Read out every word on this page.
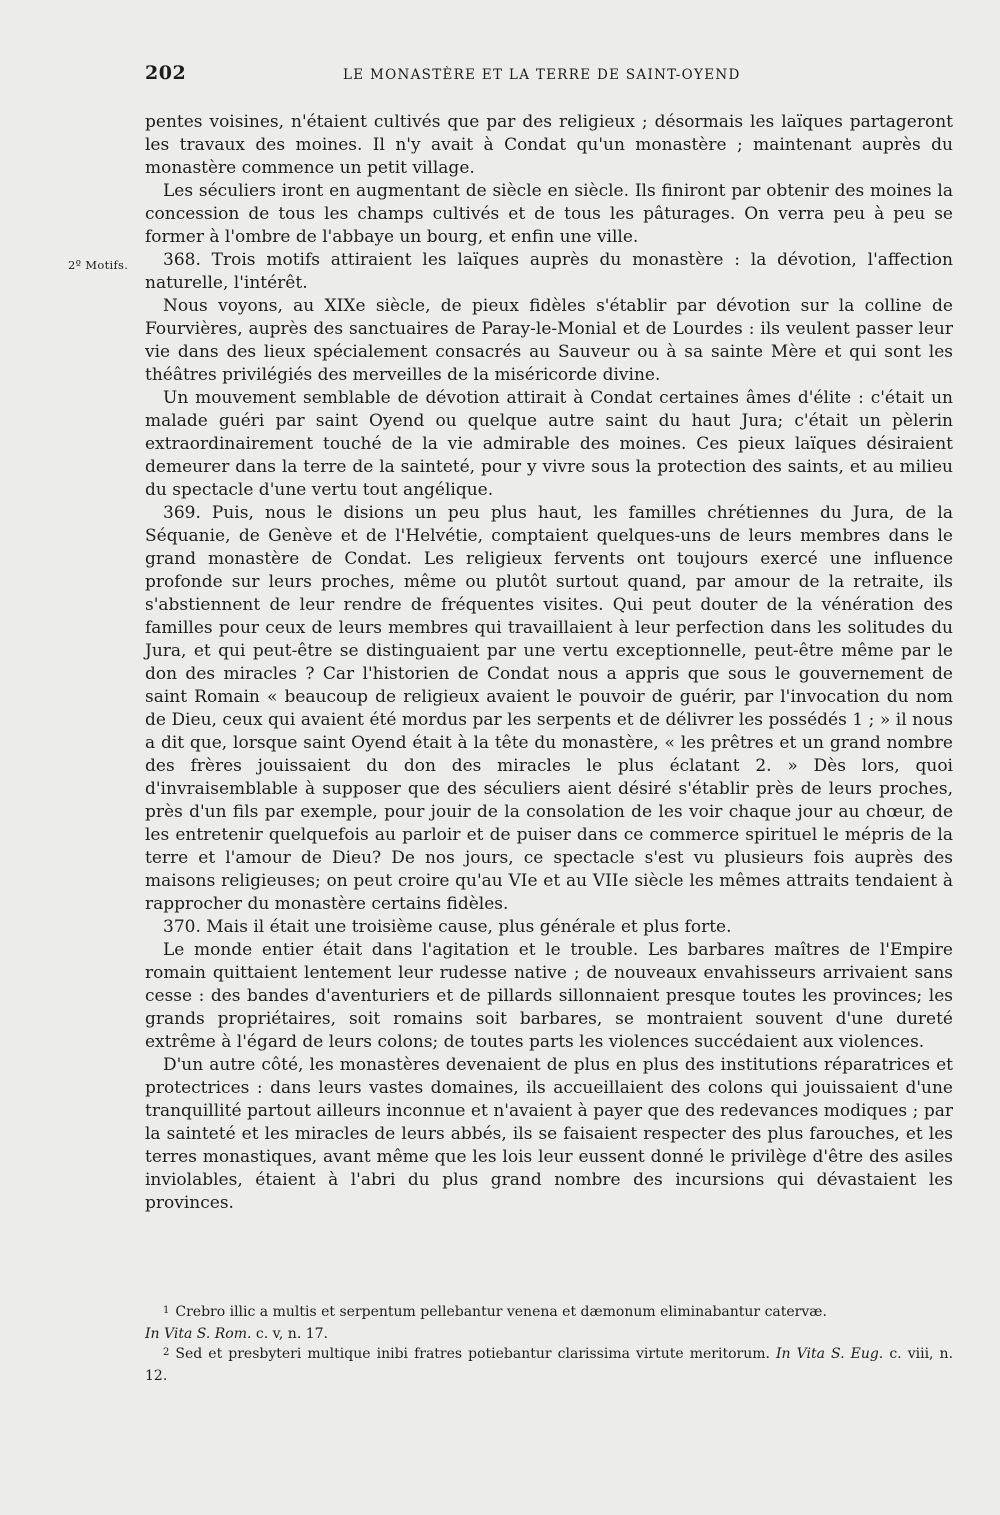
202	LE MONASTÈRE ET LA TERRE DE SAINT-OYEND
2º Motifs.

pentes voisines, n'étaient cultivés que par des religieux ; désormais les laïques partageront les travaux des moines. Il n'y avait à Condat qu'un monastère ; maintenant auprès du monastère commence un petit village.

Les séculiers iront en augmentant de siècle en siècle. Ils finiront par obtenir des moines la concession de tous les champs cultivés et de tous les pâturages. On verra peu à peu se former à l'ombre de l'abbaye un bourg, et enfin une ville.

368. Trois motifs attiraient les laïques auprès du monastère : la dévotion, l'affection naturelle, l'intérêt.

Nous voyons, au XIXe siècle, de pieux fidèles s'établir par dévotion sur la colline de Fourvières, auprès des sanctuaires de Paray-le-Monial et de Lourdes : ils veulent passer leur vie dans des lieux spécialement consacrés au Sauveur ou à sa sainte Mère et qui sont les théâtres privilégiés des merveilles de la miséricorde divine.

Un mouvement semblable de dévotion attirait à Condat certaines âmes d'élite : c'était un malade guéri par saint Oyend ou quelque autre saint du haut Jura; c'était un pèlerin extraordinairement touché de la vie admirable des moines. Ces pieux laïques désiraient demeurer dans la terre de la sainteté, pour y vivre sous la protection des saints, et au milieu du spectacle d'une vertu tout angélique.

369. Puis, nous le disions un peu plus haut, les familles chrétiennes du Jura, de la Séquanie, de Genève et de l'Helvétie, comptaient quelques-uns de leurs membres dans le grand monastère de Condat. Les religieux fervents ont toujours exercé une influence profonde sur leurs proches, même ou plutôt surtout quand, par amour de la retraite, ils s'abstiennent de leur rendre de fréquentes visites. Qui peut douter de la vénération des familles pour ceux de leurs membres qui travaillaient à leur perfection dans les solitudes du Jura, et qui peut-être se distinguaient par une vertu exceptionnelle, peut-être même par le don des miracles ? Car l'historien de Condat nous a appris que sous le gouvernement de saint Romain « beaucoup de religieux avaient le pouvoir de guérir, par l'invocation du nom de Dieu, ceux qui avaient été mordus par les serpents et de délivrer les possédés 1 ; » il nous a dit que, lorsque saint Oyend était à la tête du monastère, « les prêtres et un grand nombre des frères jouissaient du don des miracles le plus éclatant 2. » Dès lors, quoi d'invraisemblable à supposer que des séculiers aient désiré s'établir près de leurs proches, près d'un fils par exemple, pour jouir de la consolation de les voir chaque jour au chœur, de les entretenir quelquefois au parloir et de puiser dans ce commerce spirituel le mépris de la terre et l'amour de Dieu? De nos jours, ce spectacle s'est vu plusieurs fois auprès des maisons religieuses; on peut croire qu'au VIe et au VIIe siècle les mêmes attraits tendaient à rapprocher du monastère certains fidèles.

370. Mais il était une troisième cause, plus générale et plus forte.

Le monde entier était dans l'agitation et le trouble. Les barbares maîtres de l'Empire romain quittaient lentement leur rudesse native ; de nouveaux envahisseurs arrivaient sans cesse : des bandes d'aventuriers et de pillards sillonnaient presque toutes les provinces; les grands propriétaires, soit romains soit barbares, se montraient souvent d'une dureté extrême à l'égard de leurs colons; de toutes parts les violences succédaient aux violences.

D'un autre côté, les monastères devenaient de plus en plus des institutions réparatrices et protectrices : dans leurs vastes domaines, ils accueillaient des colons qui jouissaient d'une tranquillité partout ailleurs inconnue et n'avaient à payer que des redevances modiques ; par la sainteté et les miracles de leurs abbés, ils se faisaient respecter des plus farouches, et les terres monastiques, avant même que les lois leur eussent donné le privilège d'être des asiles inviolables, étaient à l'abri du plus grand nombre des incursions qui dévastaient les provinces.

$^1$ Crebro illic a multis et serpentum pellebantur venena et dæmonum eliminabantur catervæ.

In Vita S. Rom. c. v, n. 17.

$^2$ Sed et presbyteri multique inibi fratres potiebantur clarissima virtute meritorum. In Vita S. Eug. c. viii, n. 12.
